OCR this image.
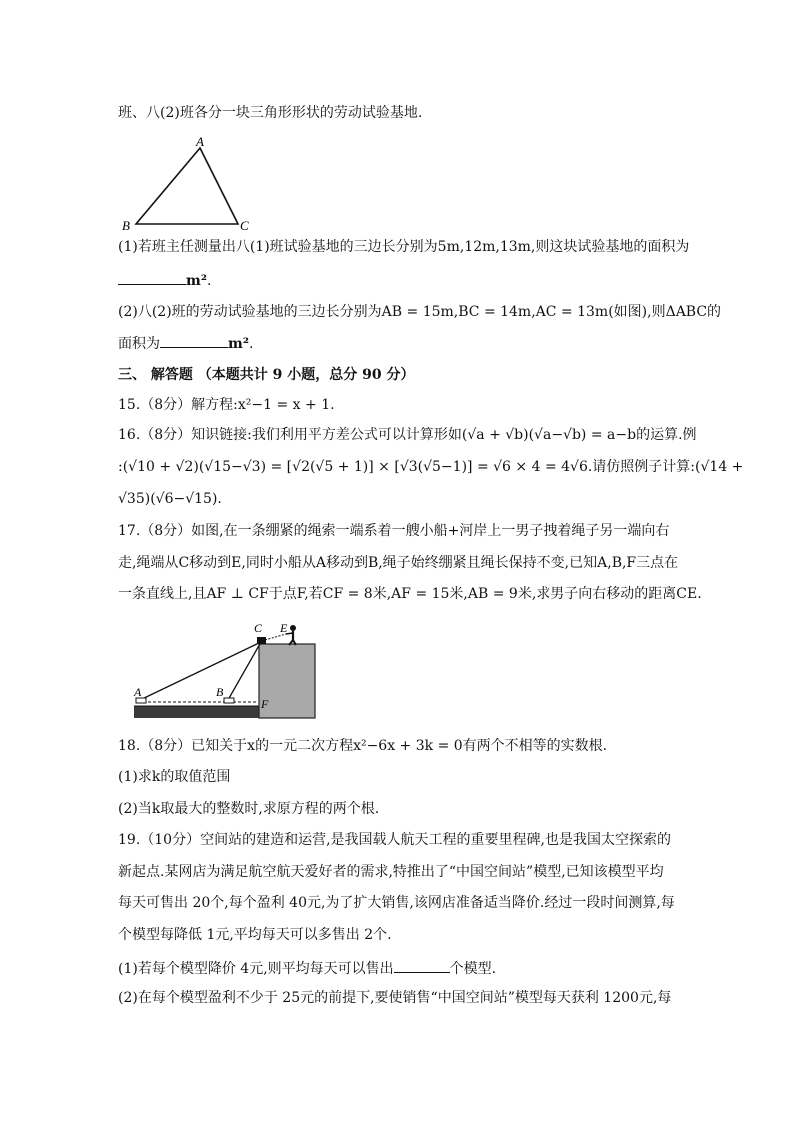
班、八(2)班各分一块三角形形状的劳动试验基地.
A
B	C
(1)若班主任测量出八(1)班试验基地的三边长分别为5m,12m,13m,则这块试验基地的面积为
m².
(2)八(2)班的劳动试验基地的三边长分别为AB = 15m,BC = 14m,AC = 13m(如图),则ΔABC的
面积为	m².
三、 解答题 （本题共计 9 小题，总分 90 分）
15.（8分）解方程:x²−1 = x + 1.
16.（8分）知识链接:我们利用平方差公式可以计算形如(√a + √b)(√a−√b) = a−b的运算.例
:(√10 + √2)(√15−√3) = [√2(√5 + 1)] × [√3(√5−1)] = √6 × 4 = 4√6.请仿照例子计算:(√14 +
√35)(√6−√15).
17.（8分）如图,在一条绷紧的绳索一端系着一艘小船+河岸上一男子拽着绳子另一端向右
走,绳端从C移动到E,同时小船从A移动到B,绳子始终绷紧且绳长保持不变,已知A,B,F三点在
一条直线上,且AF ⊥ CF于点F,若CF = 8米,AF = 15米,AB = 9米,求男子向右移动的距离CE.
A	B
C E
F
18.（8分）已知关于x的一元二次方程x²−6x + 3k = 0有两个不相等的实数根.
(1)求k的取值范围
(2)当k取最大的整数时,求原方程的两个根.
19.（10分）空间站的建造和运营,是我国载人航天工程的重要里程碑,也是我国太空探索的
新起点.某网店为满足航空航天爱好者的需求,特推出了“中国空间站”模型,已知该模型平均
每天可售出 20个,每个盈利 40元,为了扩大销售,该网店准备适当降价.经过一段时间测算,每
个模型每降低 1元,平均每天可以多售出 2个.
(1)若每个模型降价 4元,则平均每天可以售出	个模型.
(2)在每个模型盈利不少于 25元的前提下,要使销售“中国空间站”模型每天获利 1200元,每
